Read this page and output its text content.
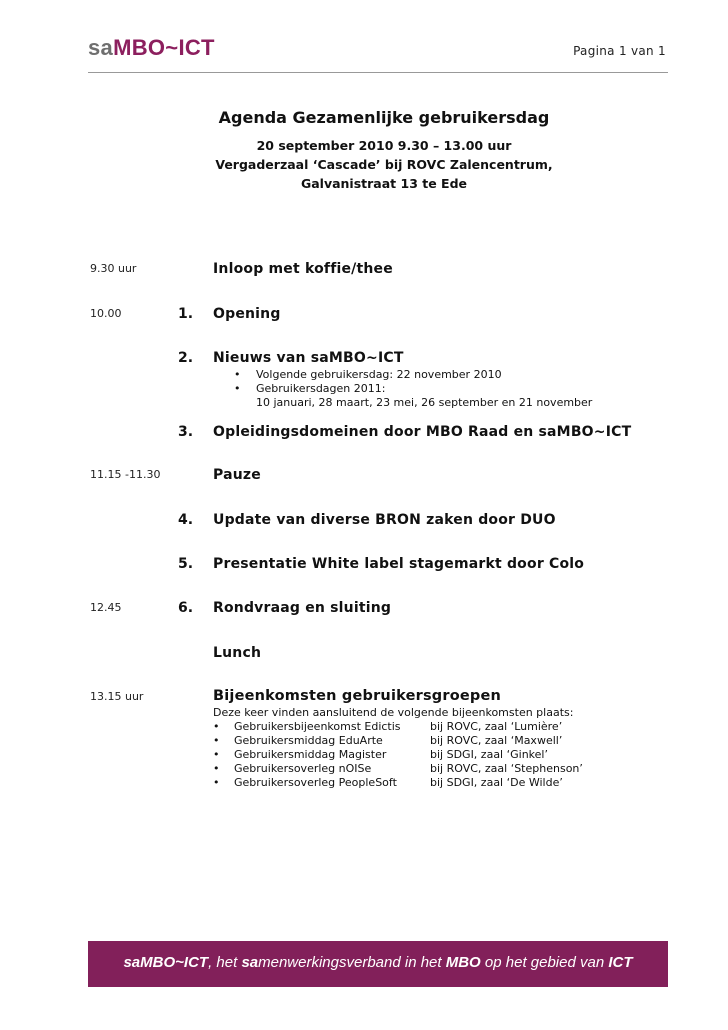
saMBO~ICT	Pagina 1 van 1
Agenda Gezamenlijke gebruikersdag
20 september 2010 9.30 – 13.00 uur
Vergaderzaal ‘Cascade’ bij ROVC Zalencentrum,
Galvanistraat 13 te Ede
9.30 uur	Inloop met koffie/thee
10.00	1. Opening
2. Nieuws van saMBO~ICT
• Volgende gebruikersdag: 22 november 2010
• Gebruikersdagen 2011:
10 januari, 28 maart, 23 mei, 26 september en 21 november
3. Opleidingsdomeinen door MBO Raad en saMBO~ICT
11.15 -11.30	Pauze
4. Update van diverse BRON zaken door DUO
5. Presentatie White label stagemarkt door Colo
12.45	6. Rondvraag en sluiting
Lunch
13.15 uur	Bijeenkomsten gebruikersgroepen
Deze keer vinden aansluitend de volgende bijeenkomsten plaats:
• Gebruikersbijeenkomst Edictis	bij ROVC, zaal ‘Lumière’
• Gebruikersmiddag EduArte	bij ROVC, zaal ‘Maxwell’
• Gebruikersmiddag Magister	bij SDGI, zaal ‘Ginkel’
• Gebruikersoverleg nOISe	bij ROVC, zaal ‘Stephenson’
• Gebruikersoverleg PeopleSoft	bij SDGI, zaal ‘De Wilde’
saMBO~ICT, het samenwerkingsverband in het MBO op het gebied van ICT
